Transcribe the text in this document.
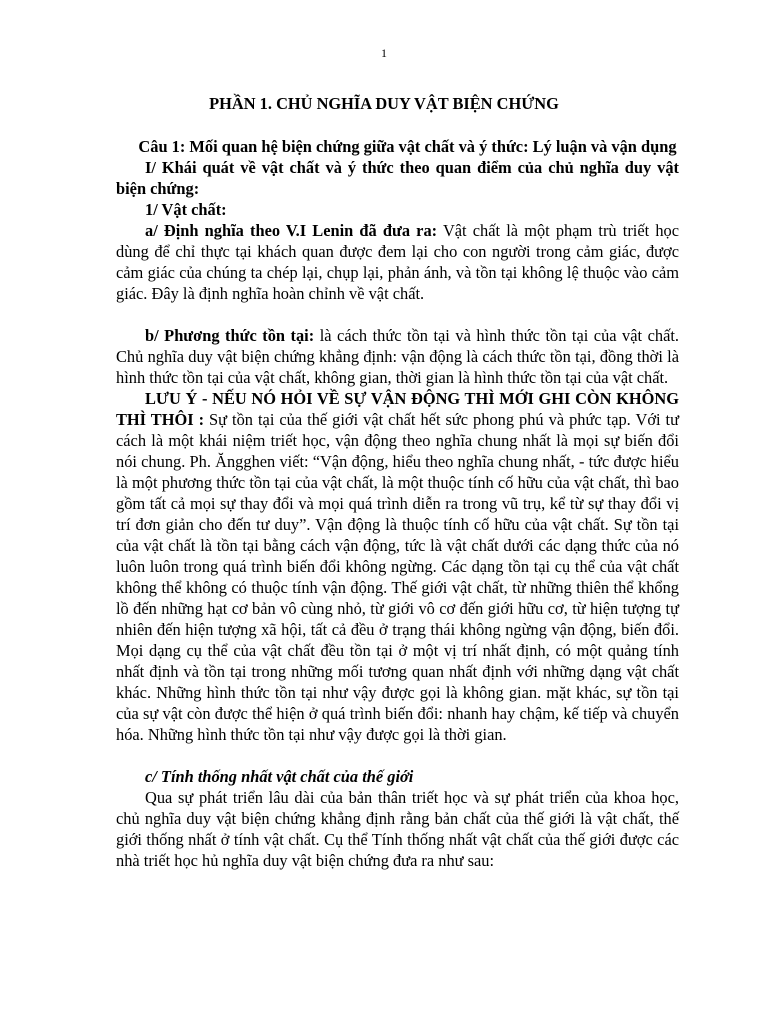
1
PHẦN 1. CHỦ NGHĨA DUY VẬT BIỆN CHỨNG

Câu 1: Mối quan hệ biện chứng giữa vật chất và ý thức: Lý luận và vận dụng

I/ Khái quát về vật chất và ý thức theo quan điểm của chủ nghĩa duy vật biện chứng:

1/ Vật chất:

a/ Định nghĩa theo V.I Lenin đã đưa ra: Vật chất là một phạm trù triết học dùng để chỉ thực tại khách quan được đem lại cho con người trong cảm giác, được cảm giác của chúng ta chép lại, chụp lại, phản ánh, và tồn tại không lệ thuộc vào cảm giác. Đây là định nghĩa hoàn chỉnh về vật chất.

b/ Phương thức tồn tại: là cách thức tồn tại và hình thức tồn tại của vật chất. Chủ nghĩa duy vật biện chứng khẳng định: vận động là cách thức tồn tại, đồng thời là hình thức tồn tại của vật chất, không gian, thời gian là hình thức tồn tại của vật chất.

LƯU Ý - NẾU NÓ HỎI VỀ SỰ VẬN ĐỘNG THÌ MỚI GHI CÒN KHÔNG THÌ THÔI : Sự tồn tại của thế giới vật chất hết sức phong phú và phức tạp. Với tư cách là một khái niệm triết học, vận động theo nghĩa chung nhất là mọi sự biến đổi nói chung. Ph. Ăngghen viết: “Vận động, hiểu theo nghĩa chung nhất, - tức được hiểu là một phương thức tồn tại của vật chất, là một thuộc tính cố hữu của vật chất, thì bao gồm tất cả mọi sự thay đổi và mọi quá trình diễn ra trong vũ trụ, kể từ sự thay đổi vị trí đơn giản cho đến tư duy”. Vận động là thuộc tính cố hữu của vật chất. Sự tồn tại của vật chất là tồn tại bằng cách vận động, tức là vật chất dưới các dạng thức của nó luôn luôn trong quá trình biến đổi không ngừng. Các dạng tồn tại cụ thể của vật chất không thể không có thuộc tính vận động. Thế giới vật chất, từ những thiên thể khổng lồ đến những hạt cơ bản vô cùng nhỏ, từ giới vô cơ đến giới hữu cơ, từ hiện tượng tự nhiên đến hiện tượng xã hội, tất cả đều ở trạng thái không ngừng vận động, biến đổi. Mọi dạng cụ thể của vật chất đều tồn tại ở một vị trí nhất định, có một quảng tính nhất định và tồn tại trong những mối tương quan nhất định với những dạng vật chất khác. Những hình thức tồn tại như vậy được gọi là không gian. mặt khác, sự tồn tại của sự vật còn được thể hiện ở quá trình biến đổi: nhanh hay chậm, kế tiếp và chuyển hóa. Những hình thức tồn tại như vậy được gọi là thời gian.

c/ Tính thống nhất vật chất của thế giới

Qua sự phát triển lâu dài của bản thân triết học và sự phát triển của khoa học, chủ nghĩa duy vật biện chứng khẳng định rằng bản chất của thế giới là vật chất, thế giới thống nhất ở tính vật chất. Cụ thể Tính thống nhất vật chất của thế giới được các nhà triết học hủ nghĩa duy vật biện chứng đưa ra như sau:
